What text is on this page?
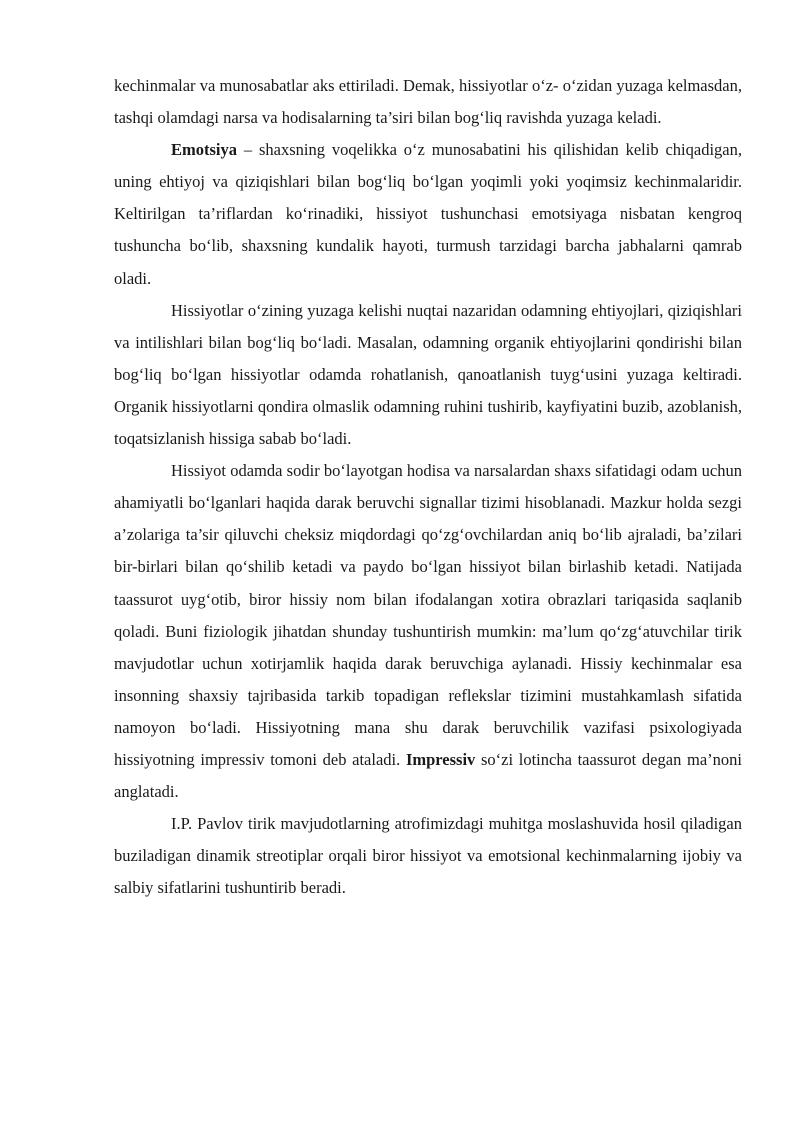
kechinmalar va munosabatlar aks ettiriladi. Demak, hissiyotlar o‘z- o‘zidan yuzaga kelmasdan, tashqi olamdagi narsa va hodisalarning ta’siri bilan bog‘liq ravishda yuzaga keladi.

Emotsiya – shaxsning voqelikka o‘z munosabatini his qilishidan kelib chiqadigan, uning ehtiyoj va qiziqishlari bilan bog‘liq bo‘lgan yoqimli yoki yoqimsiz kechinmalaridir. Keltirilgan ta’riflardan ko‘rinadiki, hissiyot tushunchasi emotsiyaga nisbatan kengroq tushuncha bo‘lib, shaxsning kundalik hayoti, turmush tarzidagi barcha jabhalarni qamrab oladi.

Hissiyotlar o‘zining yuzaga kelishi nuqtai nazaridan odamning ehtiyojlari, qiziqishlari va intilishlari bilan bog‘liq bo‘ladi. Masalan, odamning organik ehtiyojlarini qondirishi bilan bog‘liq bo‘lgan hissiyotlar odamda rohatlanish, qanoatlanish tuyg‘usini yuzaga keltiradi. Organik hissiyotlarni qondira olmaslik odamning ruhini tushirib, kayfiyatini buzib, azoblanish, toqatsizlanish hissiga sabab bo‘ladi.

Hissiyot odamda sodir bo‘layotgan hodisa va narsalardan shaxs sifatidagi odam uchun ahamiyatli bo‘lganlari haqida darak beruvchi signallar tizimi hisoblanadi. Mazkur holda sezgi a’zolariga ta’sir qiluvchi cheksiz miqdordagi qo‘zg‘ovchilardan aniq bo‘lib ajraladi, ba’zilari bir-birlari bilan qo‘shilib ketadi va paydo bo‘lgan hissiyot bilan birlashib ketadi. Natijada taassurot uyg‘otib, biror hissiy nom bilan ifodalangan xotira obrazlari tariqasida saqlanib qoladi. Buni fiziologik jihatdan shunday tushuntirish mumkin: ma’lum qo‘zg‘atuvchilar tirik mavjudotlar uchun xotirjamlik haqida darak beruvchiga aylanadi. Hissiy kechinmalar esa insonning shaxsiy tajribasida tarkib topadigan reflekslar tizimini mustahkamlash sifatida namoyon bo‘ladi. Hissiyotning mana shu darak beruvchilik vazifasi psixologiyada hissiyotning impressiv tomoni deb ataladi. Impressiv so‘zi lotincha taassurot degan ma’noni anglatadi.

I.P. Pavlov tirik mavjudotlarning atrofimizdagi muhitga moslashuvida hosil qiladigan buziladigan dinamik streotiplar orqali biror hissiyot va emotsional kechinmalarning ijobiy va salbiy sifatlarini tushuntirib beradi.
